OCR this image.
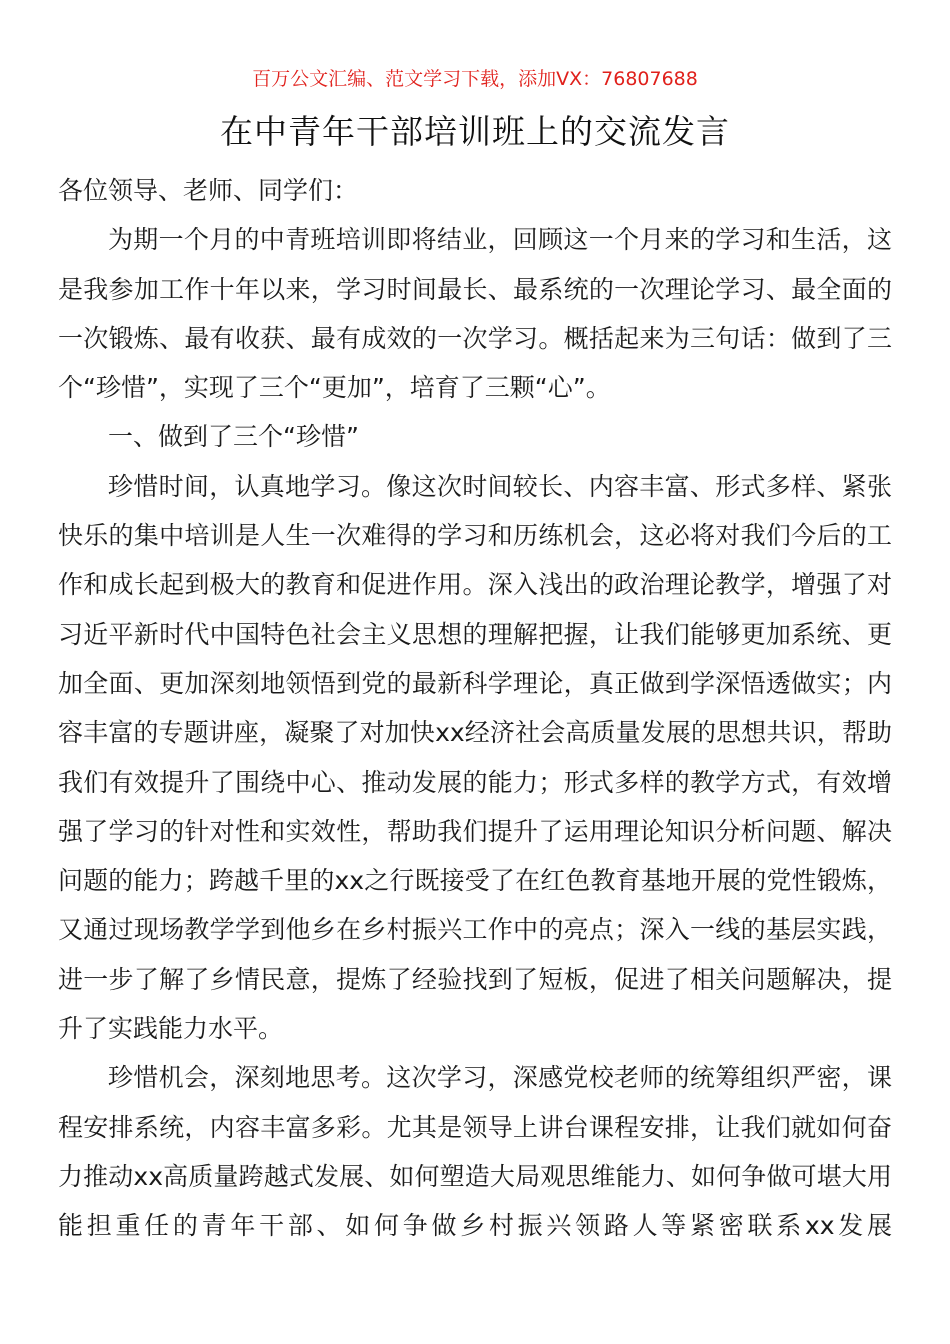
百万公文汇编、范文学习下载，添加VX：76807688
在中青年干部培训班上的交流发言

各位领导、老师、同学们：

为期一个月的中青班培训即将结业，回顾这一个月来的学习和生活，这是我参加工作十年以来，学习时间最长、最系统的一次理论学习、最全面的一次锻炼、最有收获、最有成效的一次学习。概括起来为三句话：做到了三个“珍惜”，实现了三个“更加”，培育了三颗“心”。

一、做到了三个“珍惜”

珍惜时间，认真地学习。像这次时间较长、内容丰富、形式多样、紧张快乐的集中培训是人生一次难得的学习和历练机会，这必将对我们今后的工作和成长起到极大的教育和促进作用。深入浅出的政治理论教学，增强了对习近平新时代中国特色社会主义思想的理解把握，让我们能够更加系统、更加全面、更加深刻地领悟到党的最新科学理论，真正做到学深悟透做实；内容丰富的专题讲座，凝聚了对加快xx经济社会高质量发展的思想共识，帮助我们有效提升了围绕中心、推动发展的能力；形式多样的教学方式，有效增强了学习的针对性和实效性，帮助我们提升了运用理论知识分析问题、解决问题的能力；跨越千里的xx之行既接受了在红色教育基地开展的党性锻炼，又通过现场教学学到他乡在乡村振兴工作中的亮点；深入一线的基层实践，进一步了解了乡情民意，提炼了经验找到了短板，促进了相关问题解决，提升了实践能力水平。

珍惜机会，深刻地思考。这次学习，深感党校老师的统筹组织严密，课程安排系统，内容丰富多彩。尤其是领导上讲台课程安排，让我们就如何奋力推动xx高质量跨越式发展、如何塑造大局观思维能力、如何争做可堪大用能担重任的青年干部、如何争做乡村振兴领路人等紧密联系xx发展
